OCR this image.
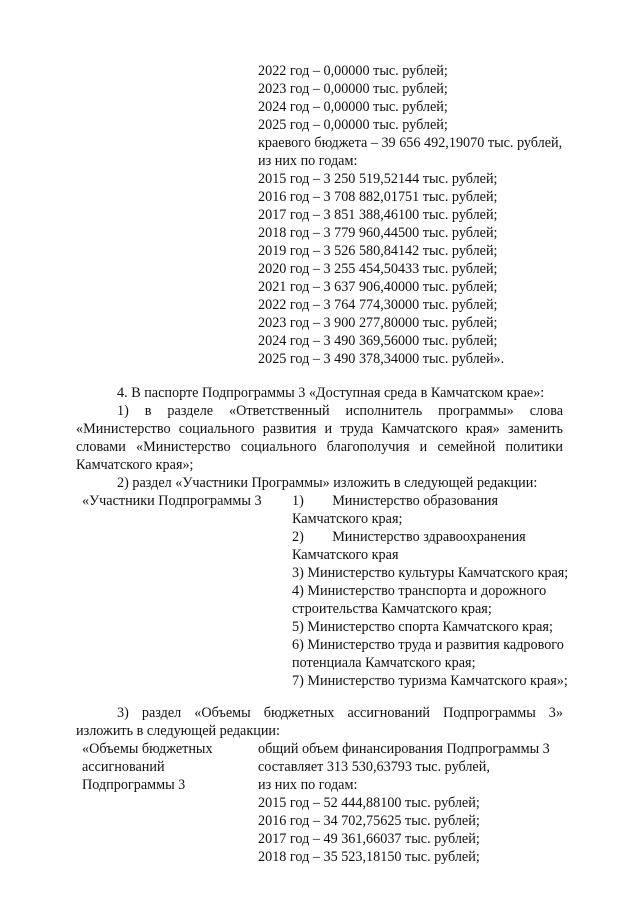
2022 год – 0,00000 тыс. рублей;
2023 год – 0,00000 тыс. рублей;
2024 год – 0,00000 тыс. рублей;
2025 год – 0,00000 тыс. рублей;
краевого бюджета – 39 656 492,19070 тыс. рублей,
из них по годам:
2015 год – 3 250 519,52144 тыс. рублей;
2016 год – 3 708 882,01751 тыс. рублей;
2017 год – 3 851 388,46100 тыс. рублей;
2018 год – 3 779 960,44500 тыс. рублей;
2019 год – 3 526 580,84142 тыс. рублей;
2020 год – 3 255 454,50433 тыс. рублей;
2021 год – 3 637 906,40000 тыс. рублей;
2022 год – 3 764 774,30000 тыс. рублей;
2023 год – 3 900 277,80000 тыс. рублей;
2024 год – 3 490 369,56000 тыс. рублей;
2025 год – 3 490 378,34000 тыс. рублей».
4. В паспорте Подпрограммы 3 «Доступная среда в Камчатском крае»:
1) в разделе «Ответственный исполнитель программы» слова
«Министерство социального развития и труда Камчатского края» заменить
словами «Министерство социального благополучия и семейной политики
Камчатского края»;
2) раздел «Участники Программы» изложить в следующей редакции:
«Участники Подпрограммы 3 1)        Министерство образования
Камчатского края;
2)        Министерство здравоохранения
Камчатского края
3) Министерство культуры Камчатского края;
4) Министерство транспорта и дорожного
строительства Камчатского края;
5) Министерство спорта Камчатского края;
6) Министерство труда и развития кадрового
потенциала Камчатского края;
7) Министерство туризма Камчатского края»;
3) раздел «Объемы бюджетных ассигнований Подпрограммы 3»
изложить в следующей редакции:
«Объемы бюджетных
ассигнований
Подпрограммы 3
общий объем финансирования Подпрограммы 3
составляет 313 530,63793 тыс. рублей,
из них по годам:
2015 год – 52 444,88100 тыс. рублей;
2016 год – 34 702,75625 тыс. рублей;
2017 год – 49 361,66037 тыс. рублей;
2018 год – 35 523,18150 тыс. рублей;
